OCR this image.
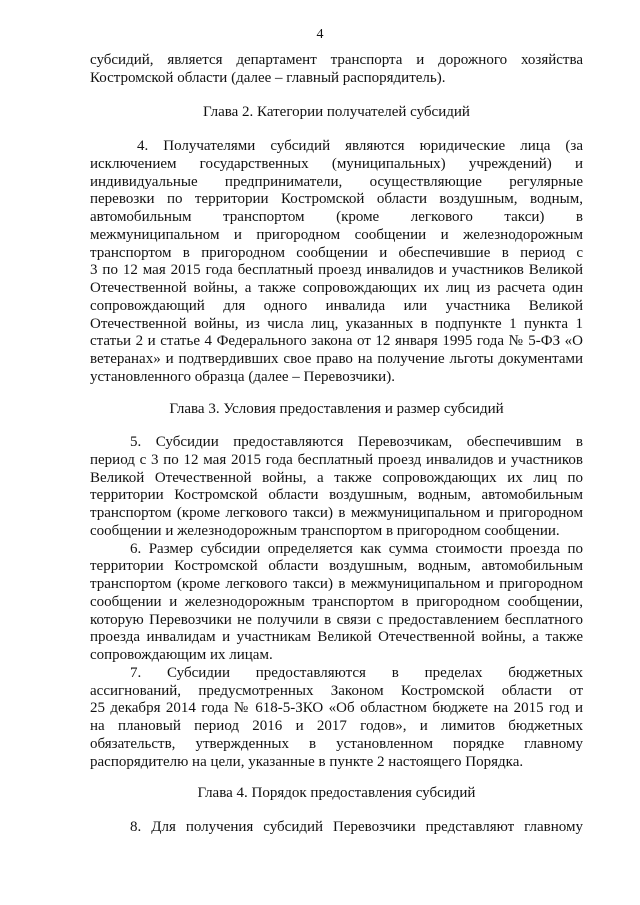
4
субсидий, является департамент транспорта и дорожного хозяйства
Костромской области (далее – главный распорядитель).
Глава 2. Категории получателей субсидий
4. Получателями субсидий являются юридические лица (за
исключением государственных (муниципальных) учреждений) и
индивидуальные предприниматели, осуществляющие регулярные
перевозки по территории Костромской области воздушным, водным,
автомобильным транспортом (кроме легкового такси) в
межмуниципальном и пригородном сообщении и железнодорожным
транспортом в пригородном сообщении и обеспечившие в период с
3 по 12 мая 2015 года бесплатный проезд инвалидов и участников Великой
Отечественной войны, а также сопровождающих их лиц из расчета один
сопровождающий для одного инвалида или участника Великой
Отечественной войны, из числа лиц, указанных в подпункте 1 пункта 1
статьи 2 и статье 4 Федерального закона от 12 января 1995 года № 5-ФЗ «О
ветеранах» и подтвердивших свое право на получение льготы документами
установленного образца (далее – Перевозчики).
Глава 3. Условия предоставления и размер субсидий
5. Субсидии предоставляются Перевозчикам, обеспечившим в
период с 3 по 12 мая 2015 года бесплатный проезд инвалидов и участников
Великой Отечественной войны, а также сопровождающих их лиц по
территории Костромской области воздушным, водным, автомобильным
транспортом (кроме легкового такси) в межмуниципальном и пригородном
сообщении и железнодорожным транспортом в пригородном сообщении.
6. Размер субсидии определяется как сумма стоимости проезда по
территории Костромской области воздушным, водным, автомобильным
транспортом (кроме легкового такси) в межмуниципальном и пригородном
сообщении и железнодорожным транспортом в пригородном сообщении,
которую Перевозчики не получили в связи с предоставлением бесплатного
проезда инвалидам и участникам Великой Отечественной войны, а также
сопровождающим их лицам.
7. Субсидии предоставляются в пределах бюджетных
ассигнований, предусмотренных Законом Костромской области от
25 декабря 2014 года № 618-5-ЗКО «Об областном бюджете на 2015 год и
на плановый период 2016 и 2017 годов», и лимитов бюджетных
обязательств, утвержденных в установленном порядке главному
распорядителю на цели, указанные в пункте 2 настоящего Порядка.
Глава 4. Порядок предоставления субсидий
8. Для получения субсидий Перевозчики представляют главному
